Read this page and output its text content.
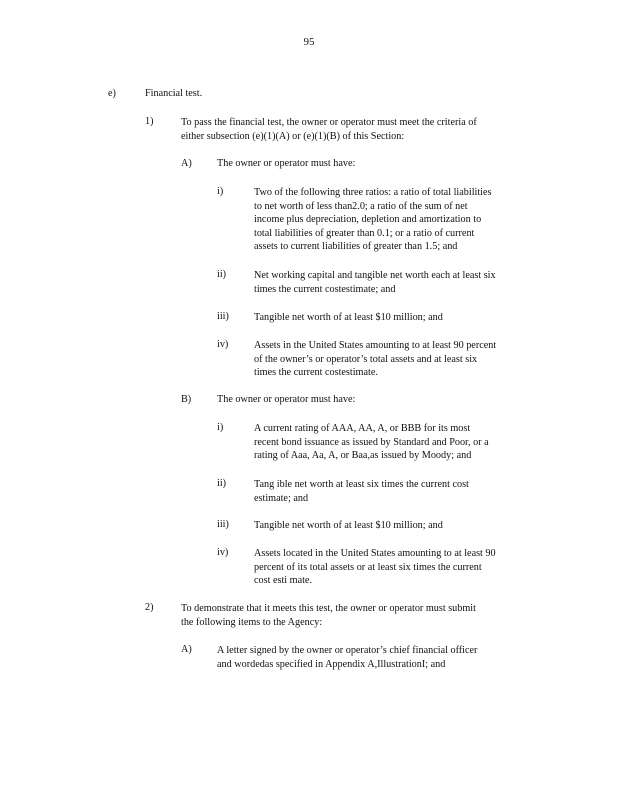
95
e)	Financial test.
1)	To pass the financial test, the owner or operator must meet the criteria of
either subsection (e)(1)(A) or (e)(1)(B) of this Section:
A) The owner or operator must have:
i)	Two of the following three ratios: a ratio of total liabilities
to net worth of less than2.0; a ratio of the sum of net
income plus depreciation, depletion and amortization to
total liabilities of greater than 0.1; or a ratio of current
assets to current liabilities of greater than 1.5; and
ii)	Net working capital and tangible net worth each at least six
times the current costestimate; and
iii) Tangible net worth of at least $10 million; and
iv)	Assets in the United States amounting to at least 90 percent
of the owner’s or operator’s total assets and at least six
times the current costestimate.
B)	The owner or operator must have:
i)	A current rating of AAA, AA, A, or BBB for its most
recent bond issuance as issued by Standard and Poor, or a
rating of Aaa, Aa, A, or Baa,as issued by Moody; and
ii)	Tang ible net worth at least six times the current cost
estimate; and
iii) Tangible net worth of at least $10 million; and
iv)	Assets located in the United States amounting to at least 90
percent of its total assets or at least six times the current
cost esti mate.
2)	To demonstrate that it meets this test, the owner or operator must submit
the following items to the Agency:
A) A letter signed by the owner or operator’s chief financial officer
and wordedas specified in Appendix A,IllustrationI; and
